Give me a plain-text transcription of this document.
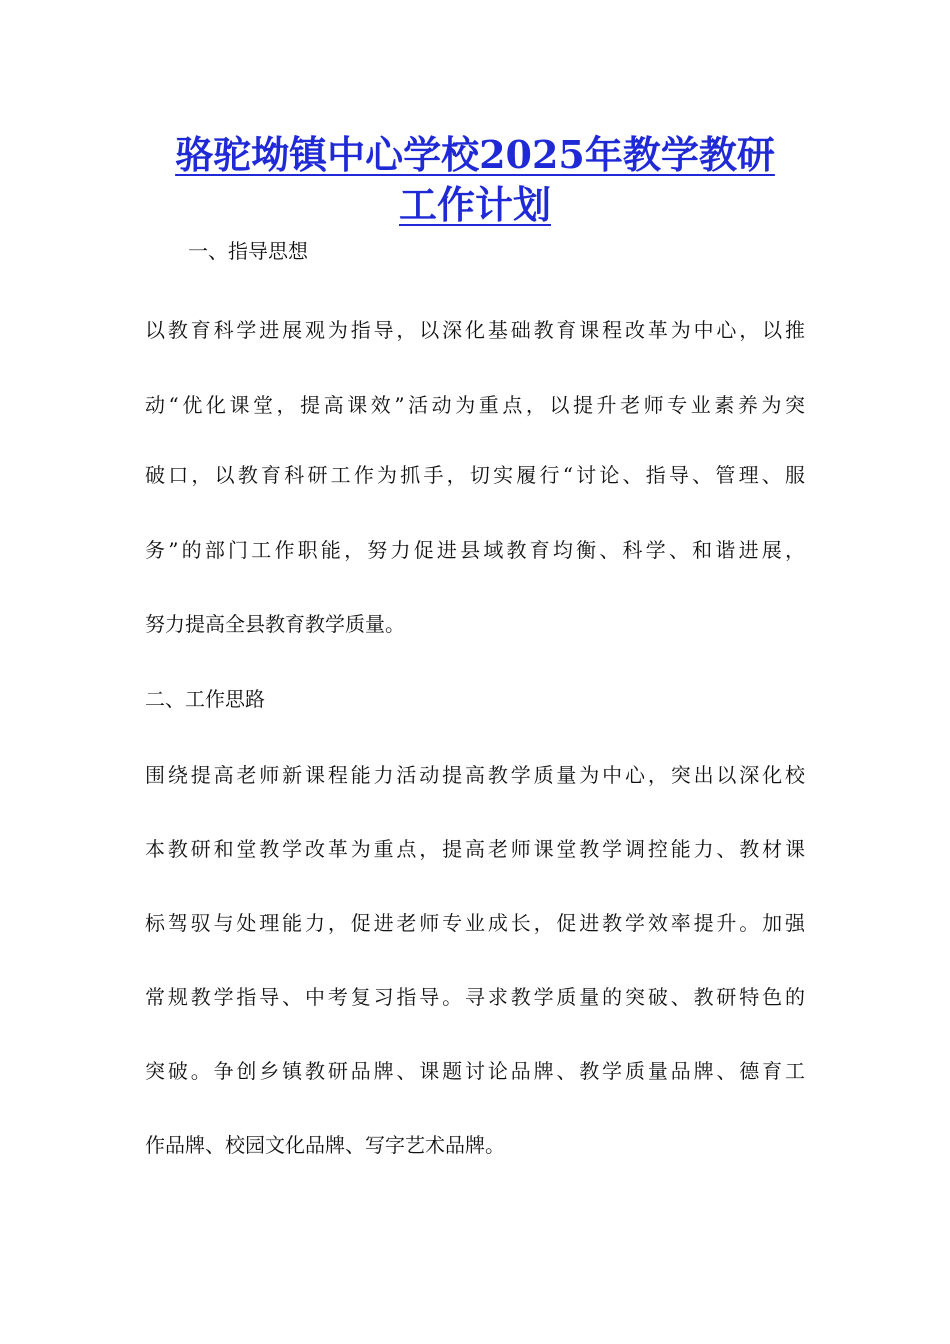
骆驼坳镇中心学校2025年教学教研
工作计划

一、指导思想

以教育科学进展观为指导，以深化基础教育课程改革为中心，以推

动“优化课堂，提高课效”活动为重点，以提升老师专业素养为突

破口，以教育科研工作为抓手，切实履行“讨论、指导、管理、服

务”的部门工作职能，努力促进县域教育均衡、科学、和谐进展，

努力提高全县教育教学质量。

二、工作思路

围绕提高老师新课程能力活动提高教学质量为中心，突出以深化校

本教研和堂教学改革为重点，提高老师课堂教学调控能力、教材课

标驾驭与处理能力，促进老师专业成长，促进教学效率提升。加强

常规教学指导、中考复习指导。寻求教学质量的突破、教研特色的

突破。争创乡镇教研品牌、课题讨论品牌、教学质量品牌、德育工

作品牌、校园文化品牌、写字艺术品牌。
